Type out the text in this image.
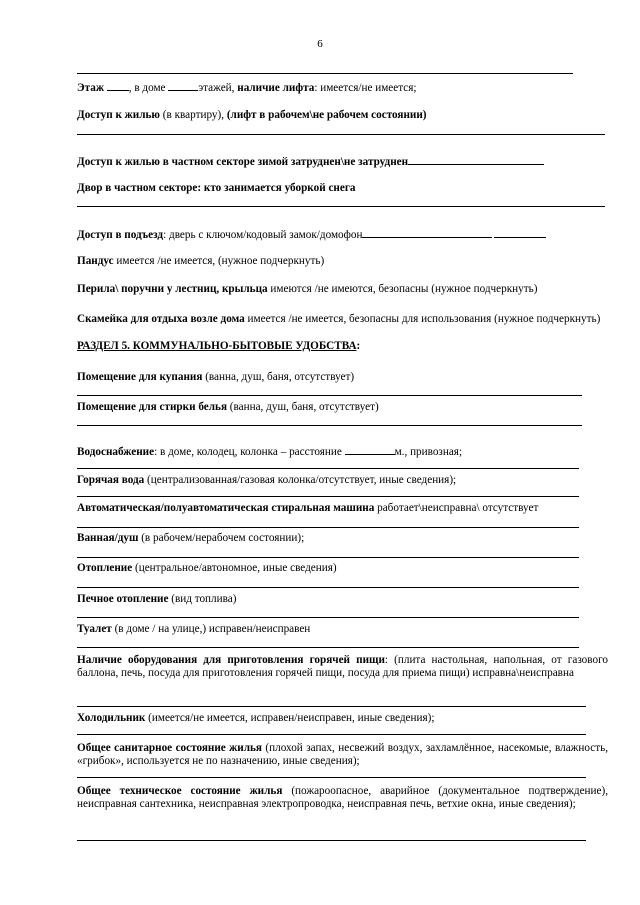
6
Этаж , в доме	этажей, наличие лифта: имеется/не имеется;
Доступ к жилью (в квартиру), (лифт в рабочем\не рабочем состоянии)
Доступ к жилью в частном секторе зимой затруднен\не затруднен
Двор в частном секторе: кто занимается уборкой снега
Доступ в подъезд: дверь с ключом/кодовый замок/домофон
Пандус имеется /не имеется, (нужное подчеркнуть)
Перила\ поручни у лестниц, крыльца имеются /не имеются, безопасны (нужное подчеркнуть)
Скамейка для отдыха возле дома имеется /не имеется, безопасны для использования (нужное подчеркнуть)
РАЗДЕЛ 5. КОММУНАЛЬНО-БЫТОВЫЕ УДОБСТВА:
Помещение для купания (ванна, душ, баня, отсутствует)
Помещение для стирки белья (ванна, душ, баня, отсутствует)
Водоснабжение: в доме, колодец, колонка – расстояние	м., привозная;
Горячая вода (централизованная/газовая колонка/отсутствует, иные сведения);
Автоматическая/полуавтоматическая стиральная машина работает\неисправна\ отсутствует
Ванная/душ (в рабочем/нерабочем состоянии);
Отопление (центральное/автономное, иные сведения)
Печное отопление (вид топлива)
Туалет (в доме / на улице,) исправен/неисправен
Наличие оборудования для приготовления горячей пищи: (плита настольная, напольная, от газового баллона, печь, посуда для приготовления горячей пищи, посуда для приема пищи) исправна\неисправна
Холодильник (имеется/не имеется, исправен/неисправен, иные сведения);
Общее санитарное состояние жилья (плохой запах, несвежий воздух, захламлённое, насекомые, влажность, «грибок», используется не по назначению, иные сведения);
Общее техническое состояние жилья (пожароопасное, аварийное (документальное подтверждение), неисправная сантехника, неисправная электропроводка, неисправная печь, ветхие окна, иные сведения);
